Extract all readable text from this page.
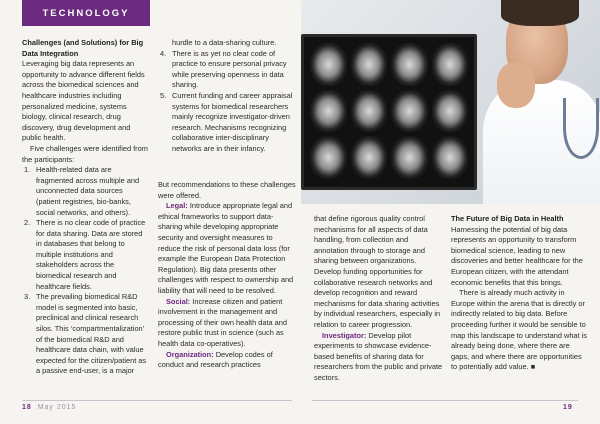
TECHNOLOGY

Challenges (and Solutions) for Big Data Integration

Leveraging big data represents an opportunity to advance different fields across the biomedical sciences and healthcare industries including personalized medicine, systems biology, clinical research, drug discovery, drug development and public health.

Five challenges were identified from the participants:

1. Health-related data are fragmented across multiple and unconnected data sources (patient registries, bio-banks, social networks, and others).
2. There is no clear code of practice for data sharing. Data are stored in databases that belong to multiple institutions and stakeholders across the biomedical research and healthcare fields.
3. The prevailing biomedical R&D model is segmented into basic, preclinical and clinical research silos. This ‘compartmentalization’ of the biomedical R&D and healthcare data chain, with value expected for the citizen/patient as a passive end-user, is a major

hurdle to a data-sharing culture.

4. There is as yet no clear code of practice to ensure personal privacy while preserving openness in data sharing.
5. Current funding and career appraisal systems for biomedical researchers mainly recognize investigator-driven research. Mechanisms recognizing collaborative inter-disciplinary networks are in their infancy.

But recommendations to these challenges were offered.

Legal: Introduce appropriate legal and ethical frameworks to support data-sharing while developing appropriate security and oversight measures to reduce the risk of personal data loss (for example the European Data Protection Regulation). Big data presents other challenges with respect to ownership and liability that will need to be resolved.

Social: Increase citizen and patient involvement in the management and processing of their own health data and restore public trust in science (such as health data co-operatives).

Organization: Develop codes of conduct and research practices

that define rigorous quality control mechanisms for all aspects of data handling, from collection and annotation through to storage and sharing between organizations. Develop funding opportunities for collaborative research networks and develop recognition and reward mechanisms for data sharing activities by individual researchers, especially in relation to career progression.

Investigator: Develop pilot experiments to showcase evidence-based benefits of sharing data for researchers from the public and private sectors.

The Future of Big Data in Health

Harnessing the potential of big data represents an opportunity to transform biomedical science, leading to new discoveries and better healthcare for the European citizen, with the attendant economic benefits that this brings.

There is already much activity in Europe within the arena that is directly or indirectly related to big data. Before proceeding further it would be sensible to map this landscape to understand what is already being done, where there are gaps, and where there are opportunities to potentially add value. ■

18 May 2015	19
